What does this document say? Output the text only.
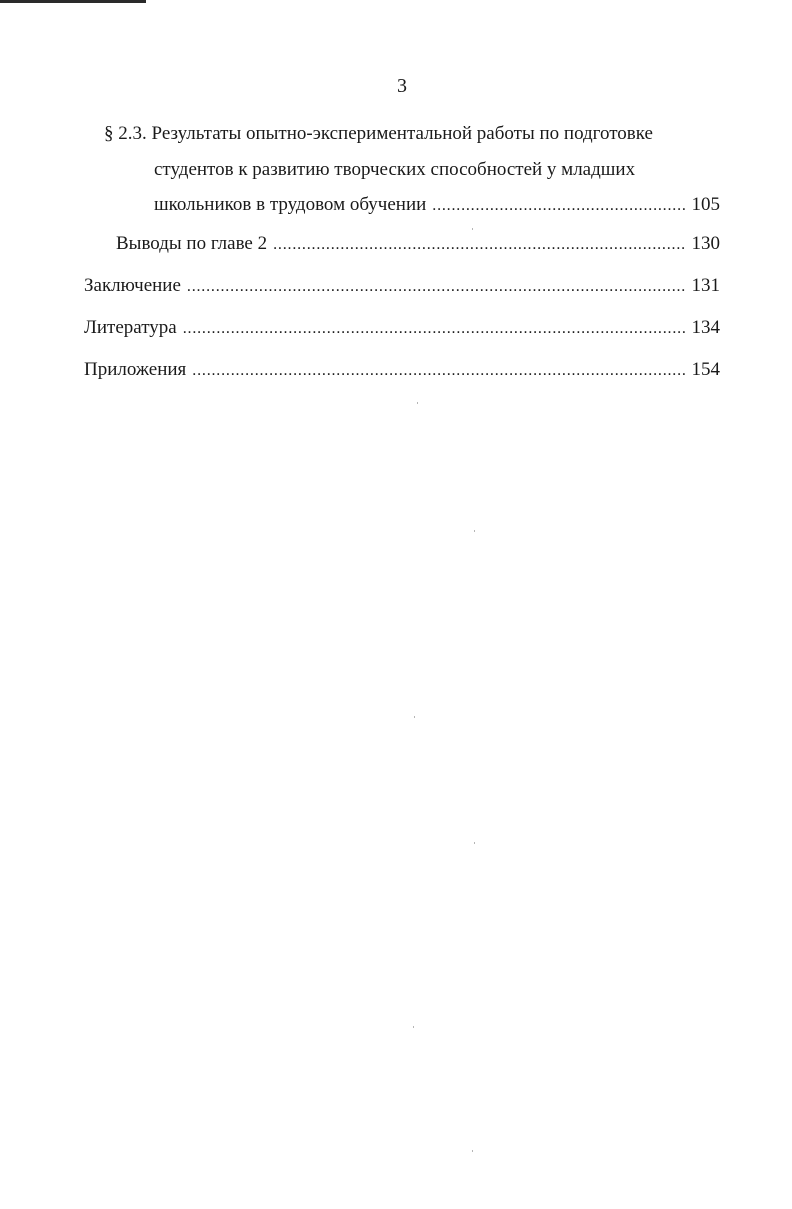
3
§ 2.3. Результаты опытно-экспериментальной работы по подготовке
студентов к развитию творческих способностей у младших
школьников в трудовом обучении . . .	105
Выводы по главе 2 . . .	130
Заключение . . .	131
Литература . . .	134
Приложения . . .	154
